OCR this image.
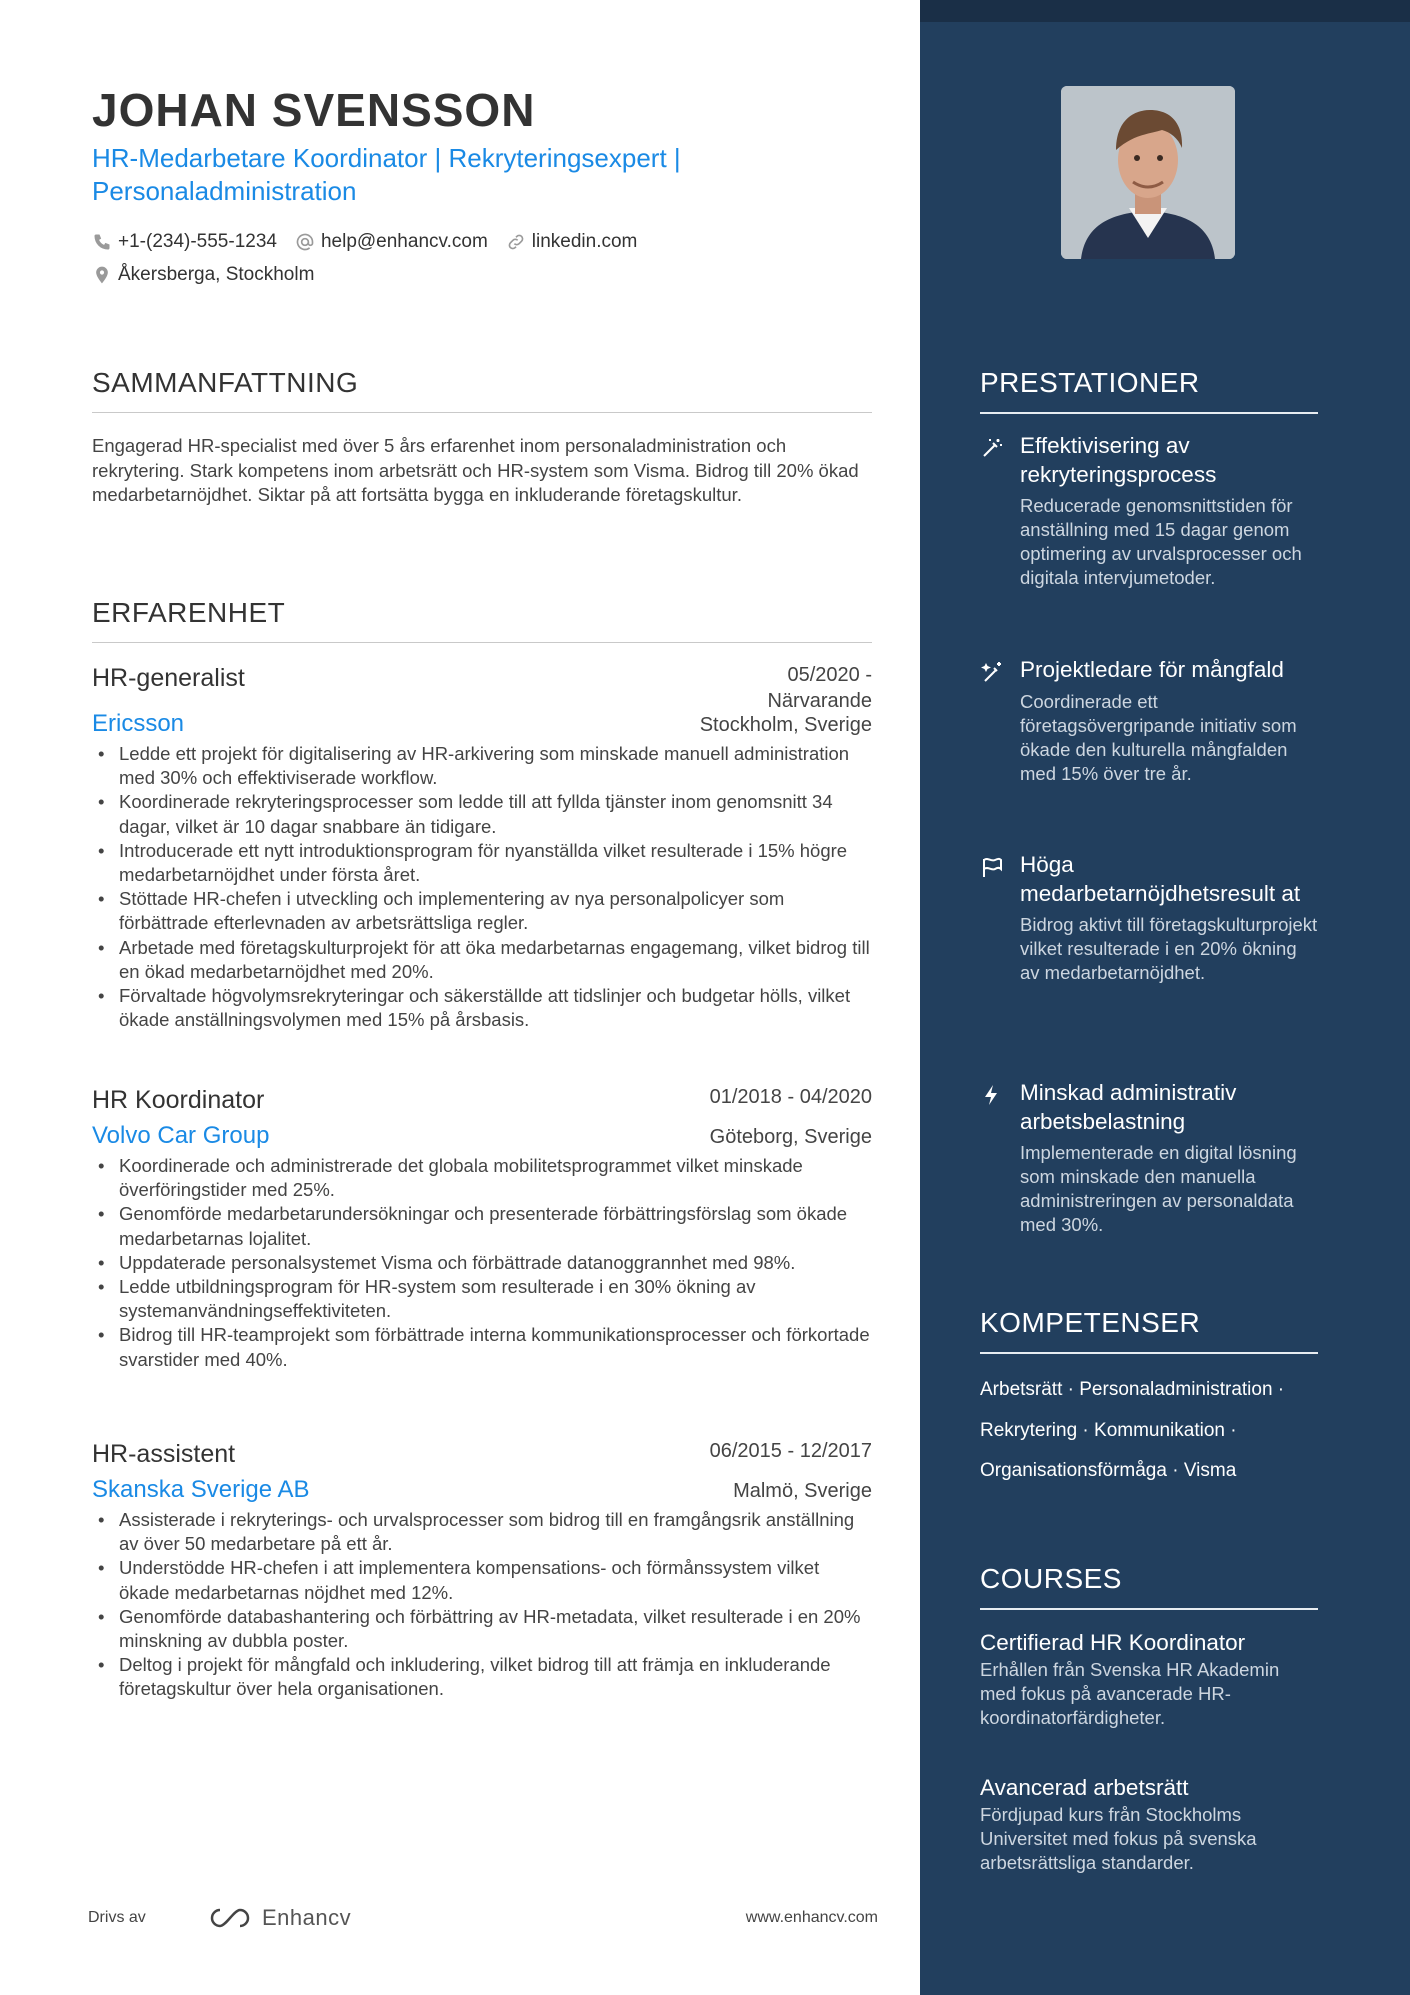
JOHAN SVENSSON
HR-Medarbetare Koordinator | Rekryteringsexpert | Personaladministration
+1-(234)-555-1234 help@enhancv.com linkedin.com
Åkersberga, Stockholm
SAMMANFATTNING
Engagerad HR-specialist med över 5 års erfarenhet inom personaladministration och rekrytering. Stark kompetens inom arbetsrätt och HR-system som Visma. Bidrog till 20% ökad medarbetarnöjdhet. Siktar på att fortsätta bygga en inkluderande företagskultur.
ERFARENHET
HR-generalist	05/2020 -
Närvarande
Ericsson	Stockholm, Sverige
• Ledde ett projekt för digitalisering av HR-arkivering som minskade manuell administration med 30% och effektiviserade workflow.
• Koordinerade rekryteringsprocesser som ledde till att fyllda tjänster inom genomsnitt 34 dagar, vilket är 10 dagar snabbare än tidigare.
• Introducerade ett nytt introduktionsprogram för nyanställda vilket resulterade i 15% högre medarbetarnöjdhet under första året.
• Stöttade HR-chefen i utveckling och implementering av nya personalpolicyer som förbättrade efterlevnaden av arbetsrättsliga regler.
• Arbetade med företagskulturprojekt för att öka medarbetarnas engagemang, vilket bidrog till en ökad medarbetarnöjdhet med 20%.
• Förvaltade högvolymsrekryteringar och säkerställde att tidslinjer och budgetar hölls, vilket ökade anställningsvolymen med 15% på årsbasis.
HR Koordinator	01/2018 - 04/2020
Volvo Car Group	Göteborg, Sverige
• Koordinerade och administrerade det globala mobilitetsprogrammet vilket minskade överföringstider med 25%.
• Genomförde medarbetarundersökningar och presenterade förbättringsförslag som ökade medarbetarnas lojalitet.
• Uppdaterade personalsystemet Visma och förbättrade datanoggrannhet med 98%.
• Ledde utbildningsprogram för HR-system som resulterade i en 30% ökning av systemanvändningseffektiviteten.
• Bidrog till HR-teamprojekt som förbättrade interna kommunikationsprocesser och förkortade svarstider med 40%.
HR-assistent	06/2015 - 12/2017
Skanska Sverige AB	Malmö, Sverige
• Assisterade i rekryterings- och urvalsprocesser som bidrog till en framgångsrik anställning av över 50 medarbetare på ett år.
• Understödde HR-chefen i att implementera kompensations- och förmånssystem vilket ökade medarbetarnas nöjdhet med 12%.
• Genomförde databashantering och förbättring av HR-metadata, vilket resulterade i en 20% minskning av dubbla poster.
• Deltog i projekt för mångfald och inkludering, vilket bidrog till att främja en inkluderande företagskultur över hela organisationen.
Drivs av	Enhancv	www.enhancv.com
PRESTATIONER
Effektivisering av rekryteringsprocess
Reducerade genomsnittstiden för anställning med 15 dagar genom optimering av urvalsprocesser och digitala intervjumetoder.
Projektledare för mångfald
Coordinerade ett företagsövergripande initiativ som ökade den kulturella mångfalden med 15% över tre år.
Höga medarbetarnöjdhetsresult at
Bidrog aktivt till företagskulturprojekt vilket resulterade i en 20% ökning av medarbetarnöjdhet.
Minskad administrativ arbetsbelastning
Implementerade en digital lösning som minskade den manuella administreringen av personaldata med 30%.
KOMPETENSER
Arbetsrätt · Personaladministration ·
Rekrytering · Kommunikation ·
Organisationsförmåga · Visma
COURSES
Certifierad HR Koordinator
Erhållen från Svenska HR Akademin med fokus på avancerade HR-koordinatorfärdigheter.
Avancerad arbetsrätt
Fördjupad kurs från Stockholms Universitet med fokus på svenska arbetsrättsliga standarder.
